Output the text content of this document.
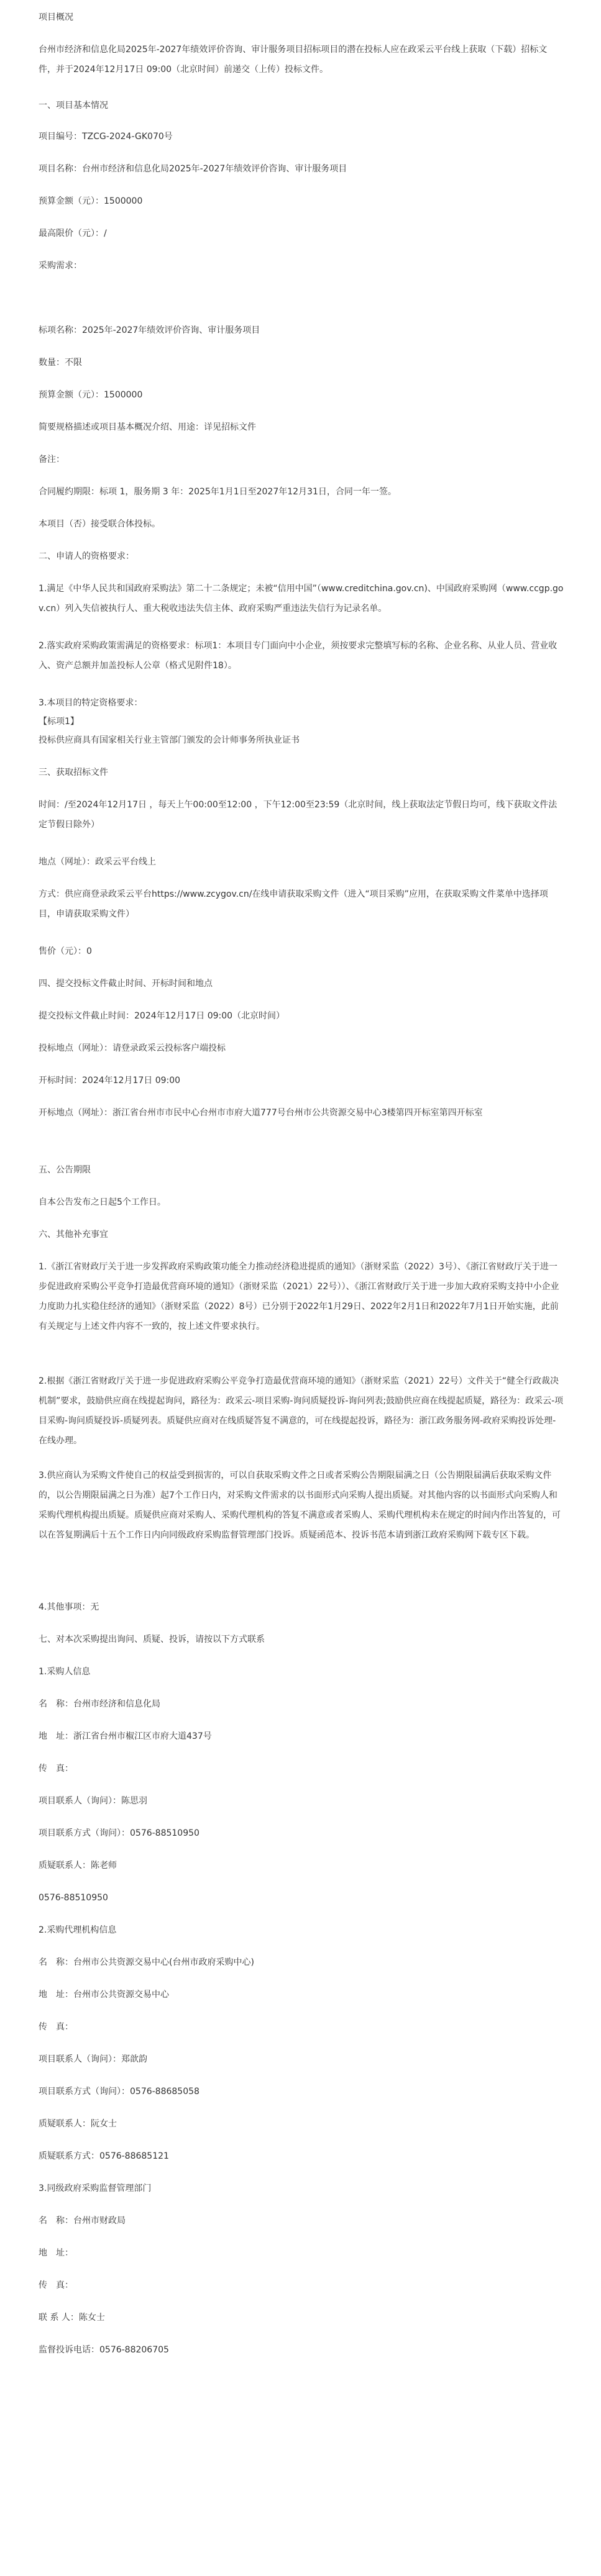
项目概况
台州市经济和信息化局2025年-2027年绩效评价咨询、审计服务项目招标项目的潜在投标人应在政采云平台线上获取（下载）招标文件，并于2024年12月17日 09:00（北京时间）前递交（上传）投标文件。
一、项目基本情况
项目编号：TZCG-2024-GK070号
项目名称：台州市经济和信息化局2025年-2027年绩效评价咨询、审计服务项目
预算金额（元）：1500000
最高限价（元）：/
采购需求：
标项名称：2025年-2027年绩效评价咨询、审计服务项目
数量：不限
预算金额（元）：1500000
简要规格描述或项目基本概况介绍、用途：详见招标文件
备注：
合同履约期限：标项 1，服务期 3 年：2025年1月1日至2027年12月31日，合同一年一签。
本项目（否）接受联合体投标。
二、申请人的资格要求：
1.满足《中华人民共和国政府采购法》第二十二条规定；未被“信用中国”（www.creditchina.gov.cn)、中国政府采购网（www.ccgp.gov.cn）列入失信被执行人、重大税收违法失信主体、政府采购严重违法失信行为记录名单。
2.落实政府采购政策需满足的资格要求：标项1：本项目专门面向中小企业，须按要求完整填写标的名称、企业名称、从业人员、营业收入、资产总额并加盖投标人公章（格式见附件18）。
3.本项目的特定资格要求：
【标项1】
投标供应商具有国家相关行业主管部门颁发的会计师事务所执业证书
三、获取招标文件
时间：/至2024年12月17日 ，每天上午00:00至12:00 ，下午12:00至23:59（北京时间，线上获取法定节假日均可，线下获取文件法定节假日除外）
地点（网址）：政采云平台线上
方式：供应商登录政采云平台https://www.zcygov.cn/在线申请获取采购文件（进入“项目采购”应用，在获取采购文件菜单中选择项目，申请获取采购文件）
售价（元）：0
四、提交投标文件截止时间、开标时间和地点
提交投标文件截止时间：2024年12月17日 09:00（北京时间）
投标地点（网址）：请登录政采云投标客户端投标
开标时间：2024年12月17日 09:00
开标地点（网址）：浙江省台州市市民中心台州市市府大道777号台州市公共资源交易中心3楼第四开标室第四开标室
五、公告期限
自本公告发布之日起5个工作日。
六、其他补充事宜
1.《浙江省财政厅关于进一步发挥政府采购政策功能全力推动经济稳进提质的通知》（浙财采监（2022）3号）、《浙江省财政厅关于进一步促进政府采购公平竞争打造最优营商环境的通知》（浙财采监（2021）22号））、《浙江省财政厅关于进一步加大政府采购支持中小企业力度助力扎实稳住经济的通知》（浙财采监（2022）8号）已分别于2022年1月29日、2022年2月1日和2022年7月1日开始实施，此前有关规定与上述文件内容不一致的，按上述文件要求执行。
2.根据《浙江省财政厅关于进一步促进政府采购公平竞争打造最优营商环境的通知》（浙财采监（2021）22号）文件关于“健全行政裁决机制”要求，鼓励供应商在线提起询问，路径为：政采云-项目采购-询问质疑投诉-询问列表;鼓励供应商在线提起质疑，路径为：政采云-项目采购-询问质疑投诉-质疑列表。质疑供应商对在线质疑答复不满意的，可在线提起投诉，路径为：浙江政务服务网-政府采购投诉处理-在线办理。
3.供应商认为采购文件使自己的权益受到损害的，可以自获取采购文件之日或者采购公告期限届满之日（公告期限届满后获取采购文件的，以公告期限届满之日为准）起7个工作日内，对采购文件需求的以书面形式向采购人提出质疑。对其他内容的以书面形式向采购人和采购代理机构提出质疑。质疑供应商对采购人、采购代理机构的答复不满意或者采购人、采购代理机构未在规定的时间内作出答复的，可以在答复期满后十五个工作日内向同级政府采购监督管理部门投诉。质疑函范本、投诉书范本请到浙江政府采购网下载专区下载。
4.其他事项：无
七、对本次采购提出询问、质疑、投诉，请按以下方式联系
1.采购人信息
名　称：台州市经济和信息化局
地　址：浙江省台州市椒江区市府大道437号
传　真：
项目联系人（询问）：陈思羽
项目联系方式（询问）：0576-88510950
质疑联系人：陈老师
0576-88510950
2.采购代理机构信息
名　称：台州市公共资源交易中心(台州市政府采购中心)
地　址：台州市公共资源交易中心
传　真：
项目联系人（询问）：郑歆韵
项目联系方式（询问）：0576-88685058
质疑联系人：阮女士
质疑联系方式：0576-88685121
3.同级政府采购监督管理部门
名　称：台州市财政局
地　址：
传　真：
联 系 人：陈女士
监督投诉电话：0576-88206705
